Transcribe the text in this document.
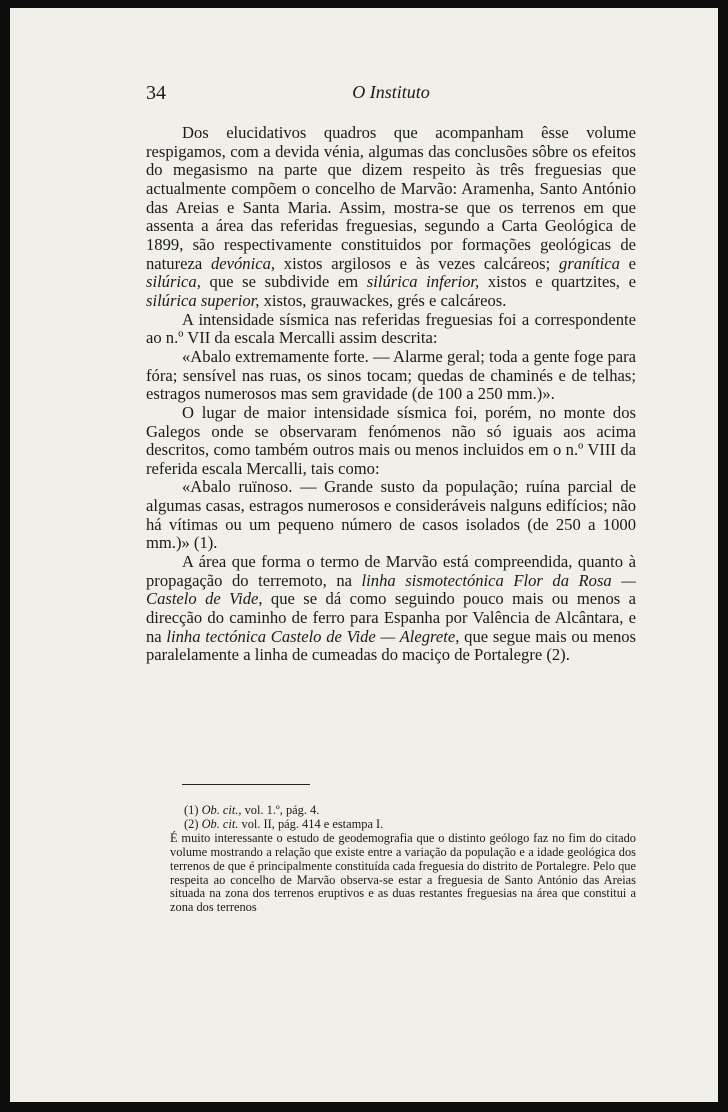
34	O Instituto

Dos elucidativos quadros que acompanham êsse volume respigamos, com a devida vénia, algumas das conclusões sôbre os efeitos do megasismo na parte que dizem respeito às três freguesias que actualmente compõem o concelho de Marvão: Aramenha, Santo António das Areias e Santa Maria. Assim, mostra-se que os terrenos em que assenta a área das referidas freguesias, segundo a Carta Geológica de 1899, são respectivamente constituidos por formações geológicas de natureza devónica, xistos argilosos e às vezes calcáreos; granítica e silúrica, que se subdivide em silúrica inferior, xistos e quartzites, e silúrica superior, xistos, grauwackes, grés e calcáreos.

A intensidade sísmica nas referidas freguesias foi a correspondente ao n.º VII da escala Mercalli assim descrita:

«Abalo extremamente forte. — Alarme geral; toda a gente foge para fóra; sensível nas ruas, os sinos tocam; quedas de chaminés e de telhas; estragos numerosos mas sem gravidade (de 100 a 250 mm.)».

O lugar de maior intensidade sísmica foi, porém, no monte dos Galegos onde se observaram fenómenos não só iguais aos acima descritos, como também outros mais ou menos incluidos em o n.º VIII da referida escala Mercalli, tais como:

«Abalo ruïnoso. — Grande susto da população; ruína parcial de algumas casas, estragos numerosos e consideráveis nalguns edifícios; não há vítimas ou um pequeno número de casos isolados (de 250 a 1000 mm.)» (1).

A área que forma o termo de Marvão está compreendida, quanto à propagação do terremoto, na linha sismotectónica Flor da Rosa — Castelo de Vide, que se dá como seguindo pouco mais ou menos a direcção do caminho de ferro para Espanha por Valência de Alcântara, e na linha tectónica Castelo de Vide — Alegrete, que segue mais ou menos paralelamente a linha de cumeadas do maciço de Portalegre (2).

(1) Ob. cit., vol. 1.º, pág. 4.

(2) Ob. cit. vol. II, pág. 414 e estampa I.

É muito interessante o estudo de geodemografia que o distinto geólogo faz no fim do citado volume mostrando a relação que existe entre a variação da população e a idade geológica dos terrenos de que é principalmente constituída cada freguesia do distrito de Portalegre. Pelo que respeita ao concelho de Marvão observa-se estar a freguesia de Santo António das Areias situada na zona dos terrenos eruptivos e as duas restantes freguesias na área que constitui a zona dos terrenos
